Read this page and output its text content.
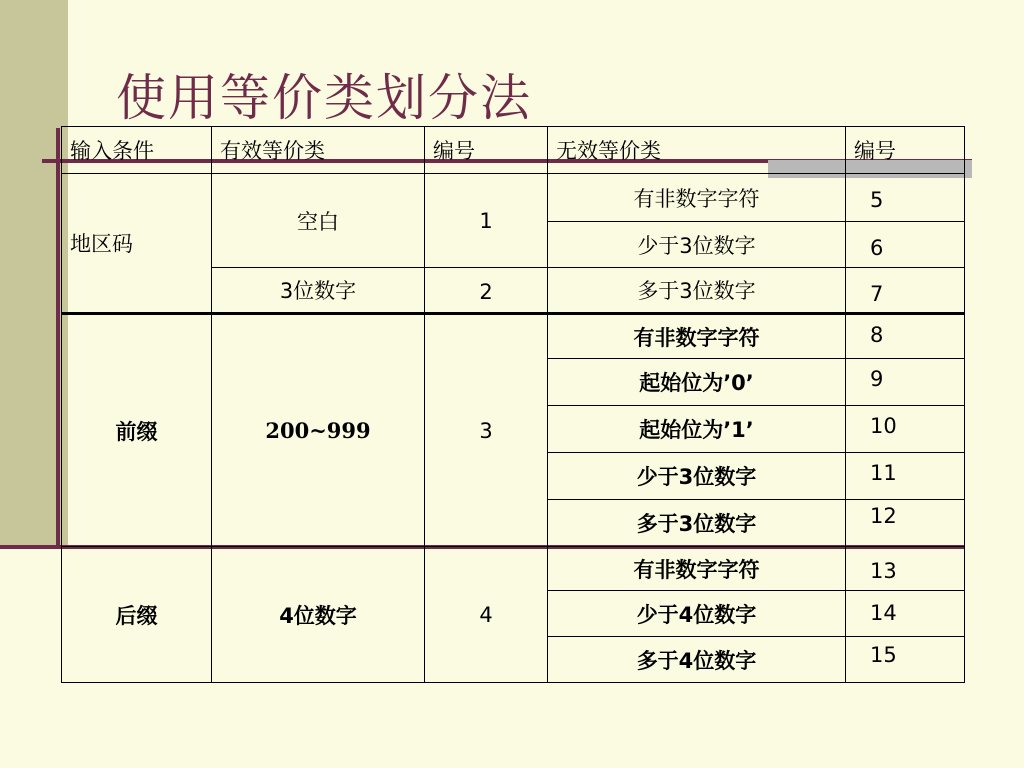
使用等价类划分法
输入条件	有效等价类	编号	无效等价类	编号
地区码	空白	1	有非数字字符	5
			少于3位数字	6
	3位数字	2	多于3位数字	7
前缀	200~999	3	有非数字字符	8
			起始位为’0’	9
			起始位为’1’	10
			少于3位数字	11
			多于3位数字	12
后缀	4位数字	4	有非数字字符	13
			少于4位数字	14
			多于4位数字	15
